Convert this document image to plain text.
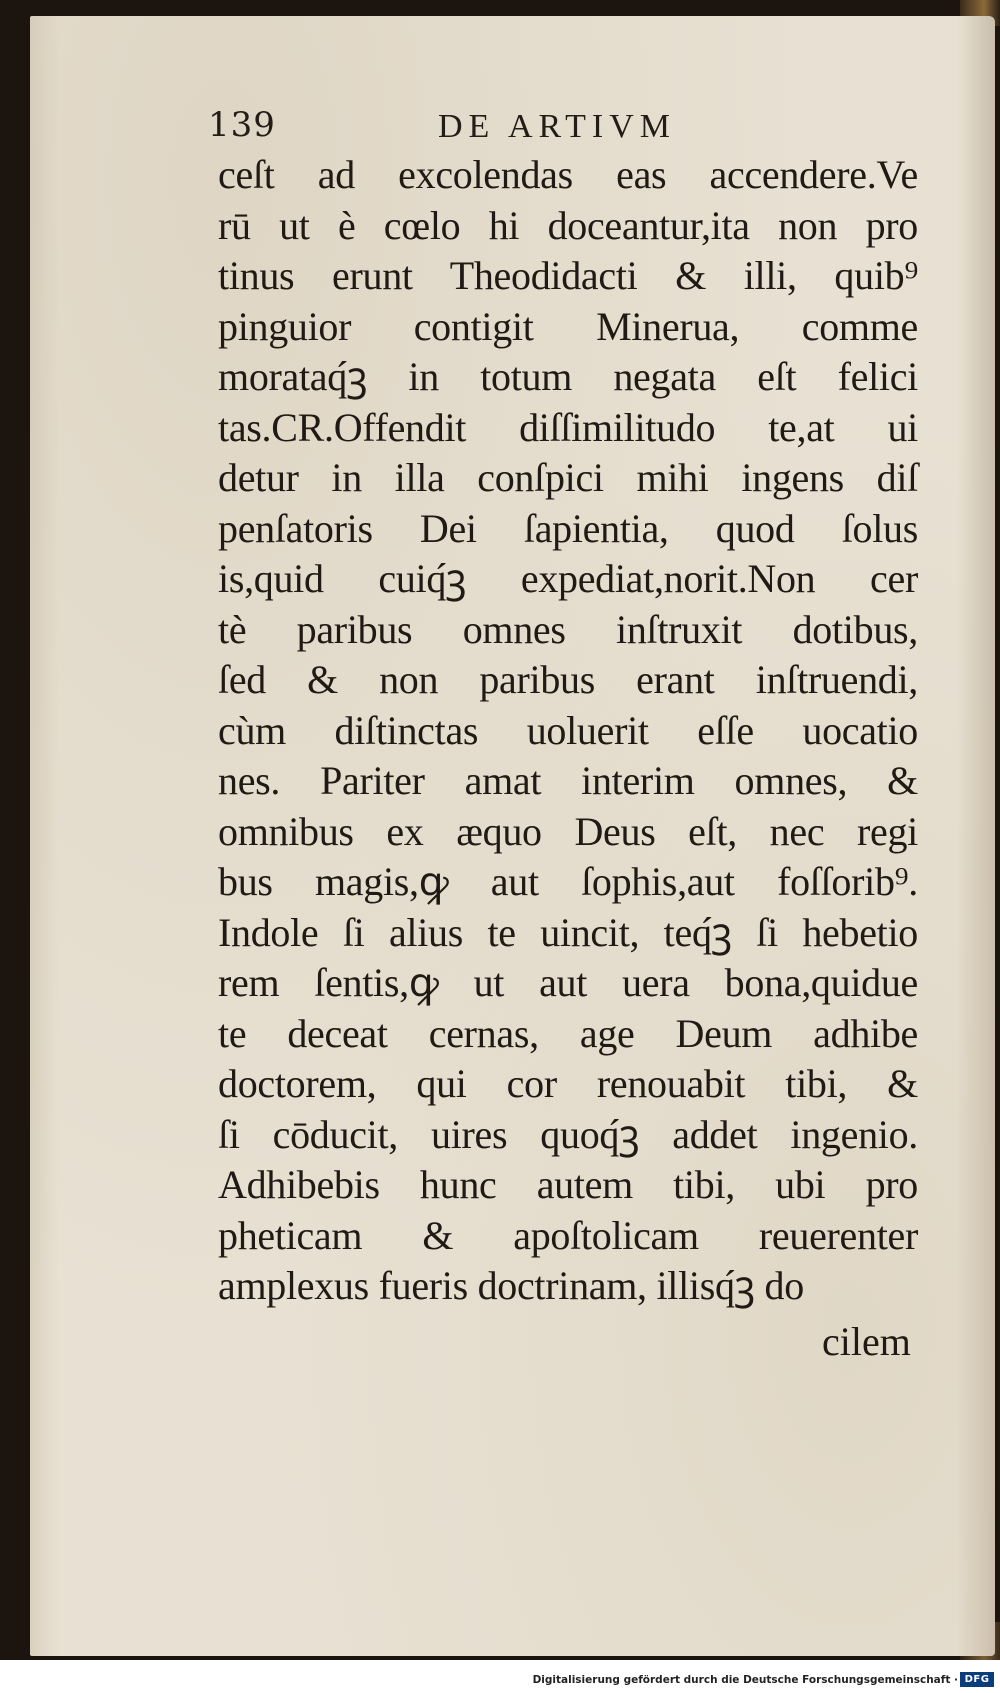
139	DE ARTIVM
ceſt ad excolendas eas accendere.Ve
rū ut è cœlo hi doceantur,ita non pro
tinus erunt Theodidacti & illi, quib⁹
pinguior contigit Minerua, comme
morataq́ꝫ in totum negata eſt felici
tas.CR.Offendit diſſimilitudo te,at ui
detur in illa conſpici mihi ingens diſ
penſatoris Dei ſapientia, quod ſolus
is,quid cuiq́ꝫ expediat,norit.Non cer
tè paribus omnes inſtruxit dotibus,
ſed & non paribus erant inſtruendi,
cùm diſtinctas uoluerit eſſe uocatio
nes. Pariter amat interim omnes, &
omnibus ex æquo Deus eſt, nec regi
bus magis,ꝙ aut ſophis,aut foſſorib⁹.
Indole ſi alius te uincit, teq́ꝫ ſi hebetio
rem ſentis,ꝙ ut aut uera bona,quidue
te deceat cernas, age Deum adhibe
doctorem, qui cor renouabit tibi, &
ſi cōducit, uires quoq́ꝫ addet ingenio.
Adhibebis hunc autem tibi, ubi pro
pheticam & apoſtolicam reuerenter
amplexus fueris doctrinam, illisq́ꝫ do
cilem
Digitalisierung gefördert durch die Deutsche Forschungsgemeinschaft · DFG
